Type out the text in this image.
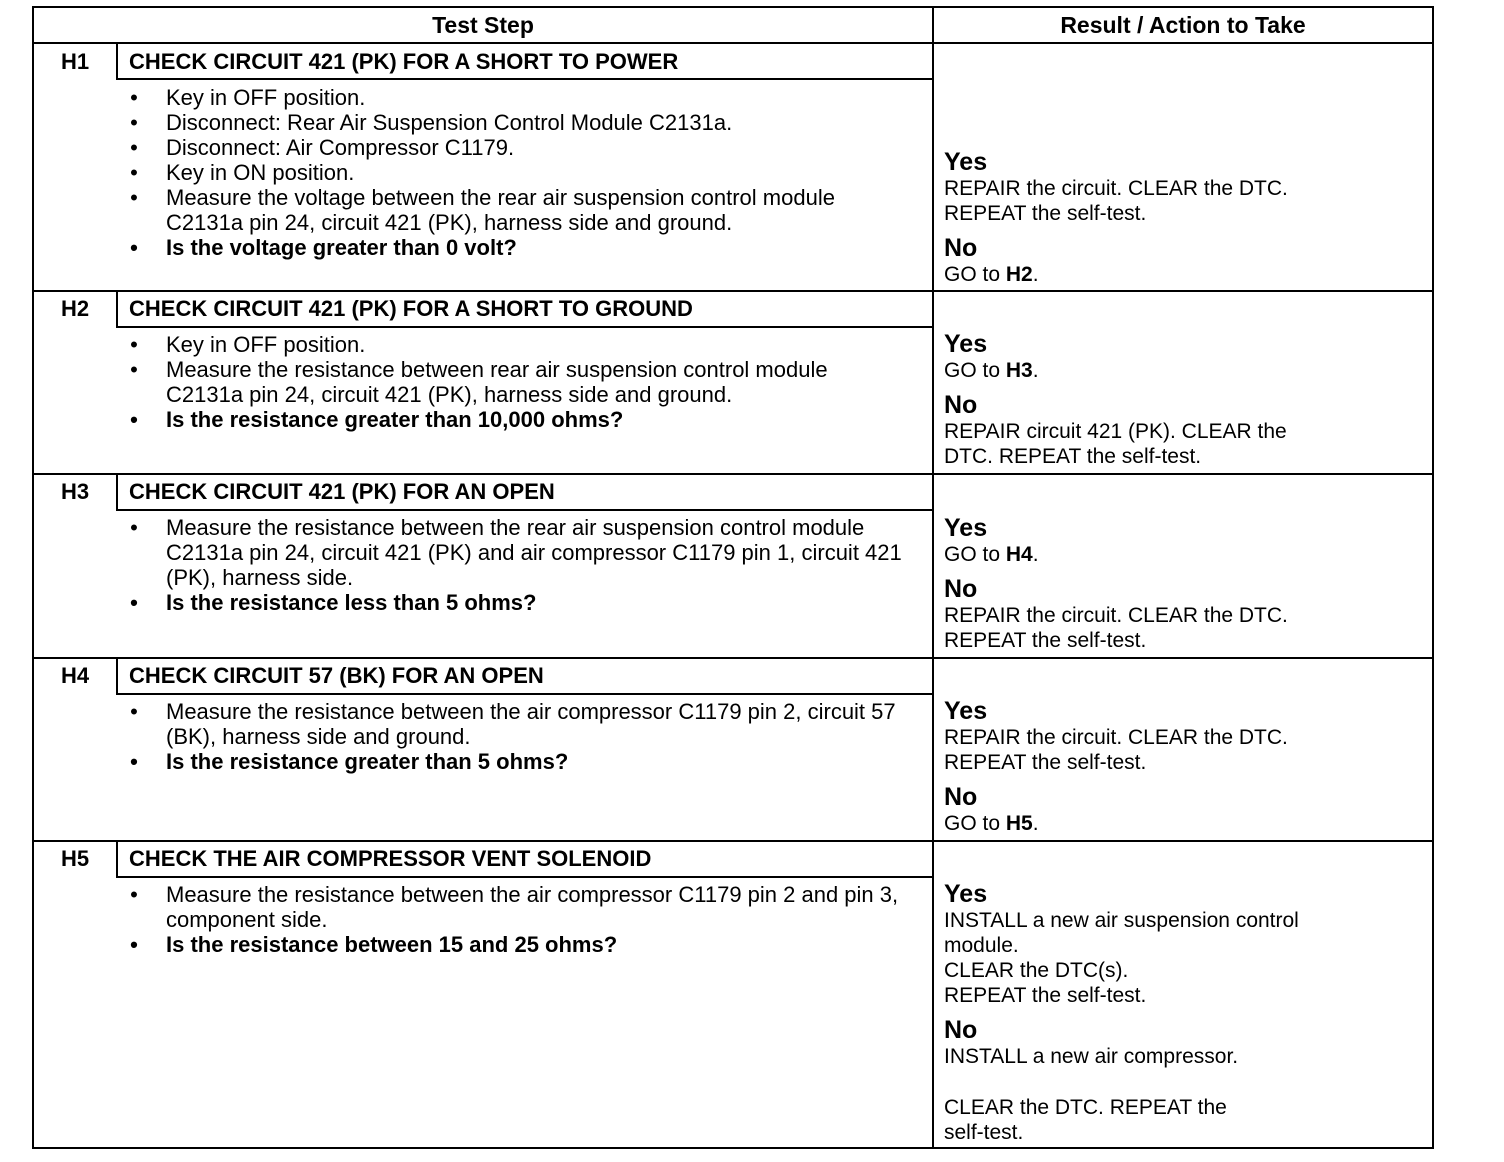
Test Step	Result / Action to Take
H1	CHECK CIRCUIT 421 (PK) FOR A SHORT TO POWER
• Key in OFF position.
• Disconnect: Rear Air Suspension Control Module C2131a.
• Disconnect: Air Compressor C1179.
• Key in ON position.
• Measure the voltage between the rear air suspension control module C2131a pin 24, circuit 421 (PK), harness side and ground.
• Is the voltage greater than 0 volt?
Yes
REPAIR the circuit. CLEAR the DTC.
REPEAT the self-test.
No
GO to H2.
H2	CHECK CIRCUIT 421 (PK) FOR A SHORT TO GROUND
• Key in OFF position.
• Measure the resistance between rear air suspension control module C2131a pin 24, circuit 421 (PK), harness side and ground.
• Is the resistance greater than 10,000 ohms?
Yes
GO to H3.
No
REPAIR circuit 421 (PK). CLEAR the
DTC. REPEAT the self-test.
H3	CHECK CIRCUIT 421 (PK) FOR AN OPEN
• Measure the resistance between the rear air suspension control module C2131a pin 24, circuit 421 (PK) and air compressor C1179 pin 1, circuit 421 (PK), harness side.
• Is the resistance less than 5 ohms?
Yes
GO to H4.
No
REPAIR the circuit. CLEAR the DTC.
REPEAT the self-test.
H4	CHECK CIRCUIT 57 (BK) FOR AN OPEN
• Measure the resistance between the air compressor C1179 pin 2, circuit 57 (BK), harness side and ground.
• Is the resistance greater than 5 ohms?
Yes
REPAIR the circuit. CLEAR the DTC.
REPEAT the self-test.
No
GO to H5.
H5	CHECK THE AIR COMPRESSOR VENT SOLENOID
• Measure the resistance between the air compressor C1179 pin 2 and pin 3, component side.
• Is the resistance between 15 and 25 ohms?
Yes
INSTALL a new air suspension control
module.
CLEAR the DTC(s).
REPEAT the self-test.
No
INSTALL a new air compressor.
CLEAR the DTC. REPEAT the
self-test.
